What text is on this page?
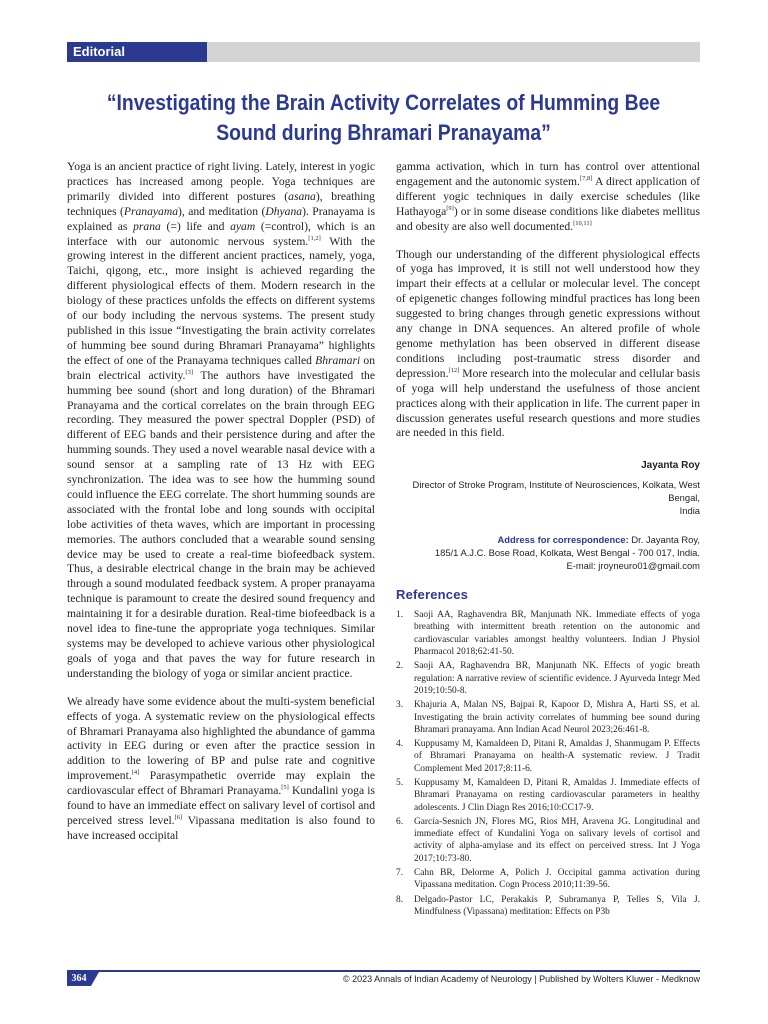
Editorial Commentary
“Investigating the Brain Activity Correlates of Humming Bee
Sound during Bhramari Pranayama”

Yoga is an ancient practice of right living. Lately, interest in yogic practices has increased among people. Yoga techniques are primarily divided into different postures (asana), breathing techniques (Pranayama), and meditation (Dhyana). Pranayama is explained as prana (=) life and ayam (=control), which is an interface with our autonomic nervous system.[1,2] With the growing interest in the different ancient practices, namely, yoga, Taichi, qigong, etc., more insight is achieved regarding the different physiological effects of them. Modern research in the biology of these practices unfolds the effects on different systems of our body including the nervous systems. The present study published in this issue “Investigating the brain activity correlates of humming bee sound during Bhramari Pranayama” highlights the effect of one of the Pranayama techniques called Bhramari on brain electrical activity.[3] The authors have investigated the humming bee sound (short and long duration) of the Bhramari Pranayama and the cortical correlates on the brain through EEG recording. They measured the power spectral Doppler (PSD) of different of EEG bands and their persistence during and after the humming sounds. They used a novel wearable nasal device with a sound sensor at a sampling rate of 13 Hz with EEG synchronization. The idea was to see how the humming sound could influence the EEG correlate. The short humming sounds are associated with the frontal lobe and long sounds with occipital lobe activities of theta waves, which are important in processing memories. The authors concluded that a wearable sound sensing device may be used to create a real-time biofeedback system. Thus, a desirable electrical change in the brain may be achieved through a sound modulated feedback system. A proper pranayama technique is paramount to create the desired sound frequency and maintaining it for a desirable duration. Real-time biofeedback is a novel idea to fine-tune the appropriate yoga techniques. Similar systems may be developed to achieve various other physiological goals of yoga and that paves the way for future research in understanding the biology of yoga or similar ancient practice.

We already have some evidence about the multi-system beneficial effects of yoga. A systematic review on the physiological effects of Bhramari Pranayama also highlighted the abundance of gamma activity in EEG during or even after the practice session in addition to the lowering of BP and pulse rate and cognitive improvement.[4] Parasympathetic override may explain the cardiovascular effect of Bhramari Pranayama.[5] Kundalini yoga is found to have an immediate effect on salivary level of cortisol and perceived stress level.[6] Vipassana meditation is also found to have increased occipital

gamma activation, which in turn has control over attentional engagement and the autonomic system.[7,8] A direct application of different yogic techniques in daily exercise schedules (like Hathayoga[9]) or in some disease conditions like diabetes mellitus and obesity are also well documented.[10,11]

Though our understanding of the different physiological effects of yoga has improved, it is still not well understood how they impart their effects at a cellular or molecular level. The concept of epigenetic changes following mindful practices has long been suggested to bring changes through genetic expressions without any change in DNA sequences. An altered profile of whole genome methylation has been observed in different disease conditions including post-traumatic stress disorder and depression.[12] More research into the molecular and cellular basis of yoga will help understand the usefulness of those ancient practices along with their application in life. The current paper in discussion generates useful research questions and more studies are needed in this field.

Jayanta Roy
Director of Stroke Program, Institute of Neurosciences, Kolkata, West Bengal,
India
Address for correspondence: Dr. Jayanta Roy,
185/1 A.J.C. Bose Road, Kolkata, West Bengal - 700 017, India.
E-mail: jroyneuro01@gmail.com
References
1. Saoji AA, Raghavendra BR, Manjunath NK. Immediate effects of yoga breathing with intermittent breath retention on the autonomic and cardiovascular variables amongst healthy volunteers. Indian J Physiol Pharmacol 2018;62:41-50.
2. Saoji AA, Raghavendra BR, Manjunath NK. Effects of yogic breath regulation: A narrative review of scientific evidence. J Ayurveda Integr Med 2019;10:50-8.
3. Khajuria A, Malan NS, Bajpai R, Kapoor D, Mishra A, Harti SS, et al. Investigating the brain activity correlates of humming bee sound during Bhramari pranayama. Ann Indian Acad Neurol 2023;26:461-8.
4. Kuppusamy M, Kamaldeen D, Pitani R, Amaldas J, Shanmugam P. Effects of Bhramari Pranayama on health-A systematic review. J Tradit Complement Med 2017;8:11-6.
5. Kuppusamy M, Kamaldeen D, Pitani R, Amaldas J. Immediate effects of Bhramari Pranayama on resting cardiovascular parameters in healthy adolescents. J Clin Diagn Res 2016;10:CC17-9.
6. García-Sesnich JN, Flores MG, Rios MH, Aravena JG. Longitudinal and immediate effect of Kundalini Yoga on salivary levels of cortisol and activity of alpha-amylase and its effect on perceived stress. Int J Yoga 2017;10:73-80.
7. Cahn BR, Delorme A, Polich J. Occipital gamma activation during Vipassana meditation. Cogn Process 2010;11:39-56.
8. Delgado-Pastor LC, Perakakis P, Subramanya P, Telles S, Vila J. Mindfulness (Vipassana) meditation: Effects on P3b
364	© 2023 Annals of Indian Academy of Neurology | Published by Wolters Kluwer - Medknow
